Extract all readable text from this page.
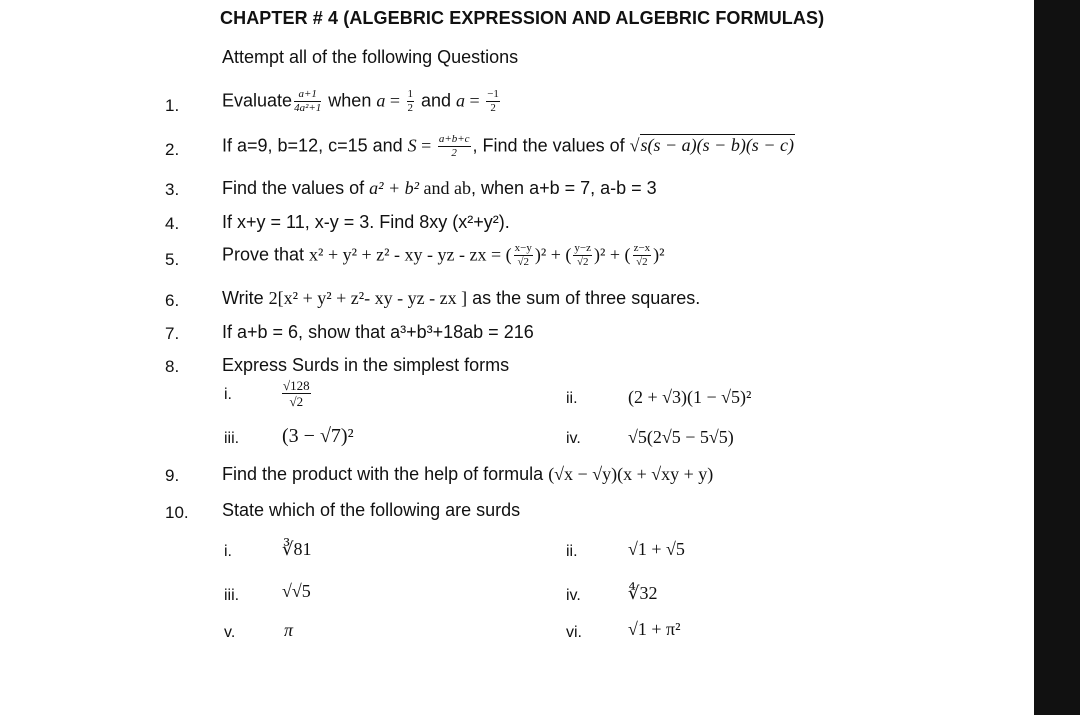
CHAPTER # 4 (ALGEBRIC EXPRESSION AND ALGEBRIC FORMULAS)
Attempt all of the following Questions
1. Evaluate $\frac{a+1}{\text{4a²+1}}$ when $a = \frac{1}{2}$ and $a = \frac{-1}{2}$
2. If a=9, b=12, c=15 and $S = \frac{a+b+c}{2}$ , Find the values of √s(s − a)(s − b)(s − c)
3. Find the values of a² + b² and ab, when a+b = 7, a-b = 3
4. If x+y = 11, x-y = 3. Find 8xy (x²+y²).
5. Prove that x² + y² + z² - xy - yz - zx = ( $\frac{x-y}{√2} )^2$ + ( $\frac{y-z}{√2} )^2$ + ( $\frac{z-x}{√2} )^2$
6. Write 2[x² + y² + z²- xy - yz - zx ] as the sum of three squares.
7. If a+b = 6, show that a³+b³+18ab = 216
8. Express Surds in the simplest forms
i.	$\frac{√128}{√2}$	ii.	(2 + √3)(1 − √5)²
iii. (3 − √7)²	iv.	√5(2√5 − 5√5)
9. Find the product with the help of formula (√x − √y)(x + √xy + y)
10. State which of the following are surds
i.	∛81	ii.	√1 + √5
iii. √√5	iv.	∜32
v.	π	vi.	√1 + π²
